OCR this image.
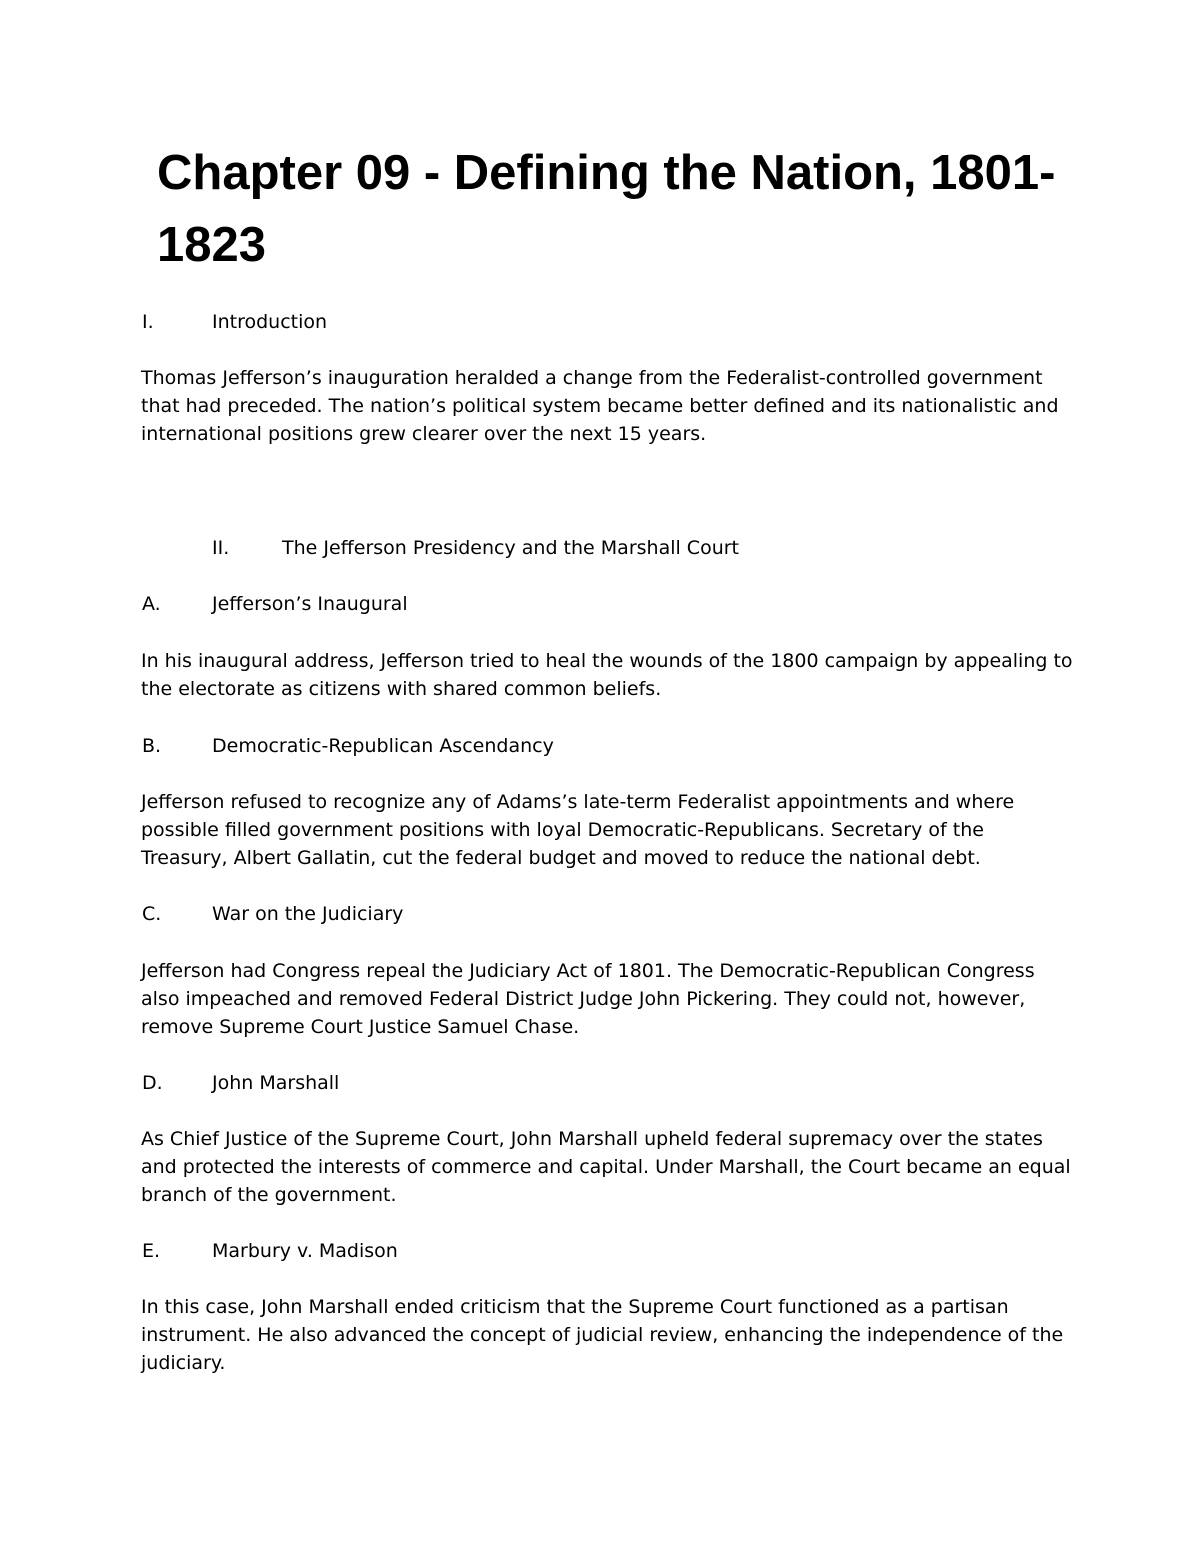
Chapter 09 - Defining the Nation, 1801-1823
I.	Introduction

Thomas Jefferson’s inauguration heralded a change from the Federalist-controlled government that had preceded. The nation’s political system became better defined and its nationalistic and international positions grew clearer over the next 15 years.

II.	The Jefferson Presidency and the Marshall Court
A.	Jefferson’s Inaugural

In his inaugural address, Jefferson tried to heal the wounds of the 1800 campaign by appealing to the electorate as citizens with shared common beliefs.

B.	Democratic-Republican Ascendancy

Jefferson refused to recognize any of Adams’s late-term Federalist appointments and where possible filled government positions with loyal Democratic-Republicans. Secretary of the Treasury, Albert Gallatin, cut the federal budget and moved to reduce the national debt.

C.	War on the Judiciary

Jefferson had Congress repeal the Judiciary Act of 1801. The Democratic-Republican Congress also impeached and removed Federal District Judge John Pickering. They could not, however, remove Supreme Court Justice Samuel Chase.

D.	John Marshall

As Chief Justice of the Supreme Court, John Marshall upheld federal supremacy over the states and protected the interests of commerce and capital. Under Marshall, the Court became an equal branch of the government.

E.	Marbury v. Madison

In this case, John Marshall ended criticism that the Supreme Court functioned as a partisan instrument. He also advanced the concept of judicial review, enhancing the independence of the judiciary.
